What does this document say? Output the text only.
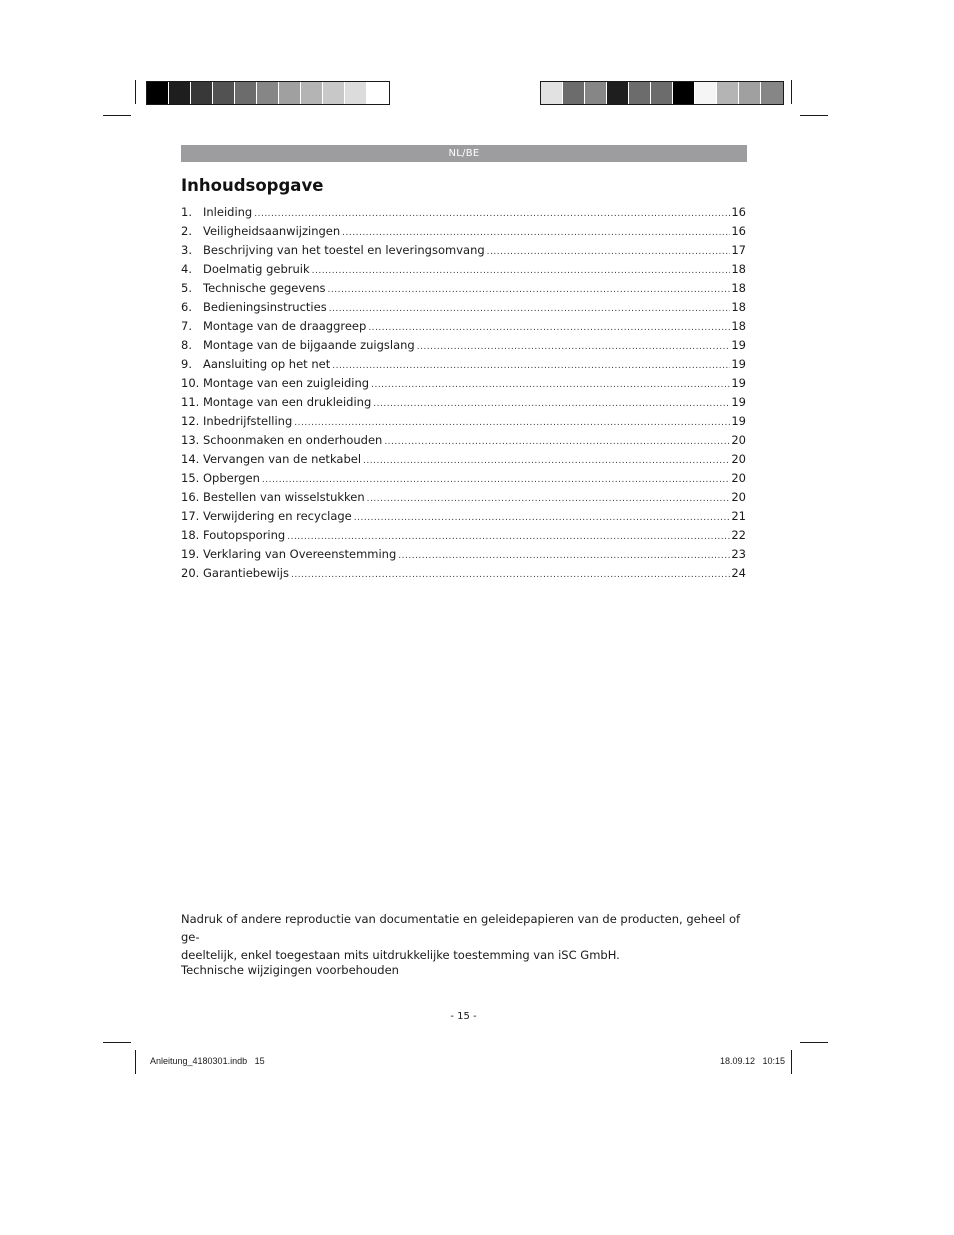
NL/BE
Inhoudsopgave
1. Inleiding .....	16
2. Veiligheidsaanwijzingen .....	16
3. Beschrijving van het toestel en leveringsomvang .....	17
4. Doelmatig gebruik .....	18
5. Technische gegevens .....	18
6. Bedieningsinstructies .....	18
7. Montage van de draaggreep .....	18
8. Montage van de bijgaande zuigslang .....	19
9. Aansluiting op het net .....	19
10. Montage van een zuigleiding .....	19
11. Montage van een drukleiding .....	19
12. Inbedrijfstelling .....	19
13. Schoonmaken en onderhouden .....	20
14. Vervangen van de netkabel .....	20
15. Opbergen .....	20
16. Bestellen van wisselstukken .....	20
17. Verwijdering en recyclage .....	21
18. Foutopsporing .....	22
19. Verklaring van Overeenstemming .....	23
20. Garantiebewijs .....	24

Nadruk of andere reproductie van documentatie en geleidepapieren van de producten, geheel of ge-
deeltelijk, enkel toegestaan mits uitdrukkelijke toestemming van iSC GmbH.

Technische wijzigingen voorbehouden

- 15 -
Anleitung_4180301.indb   15	18.09.12   10:15
